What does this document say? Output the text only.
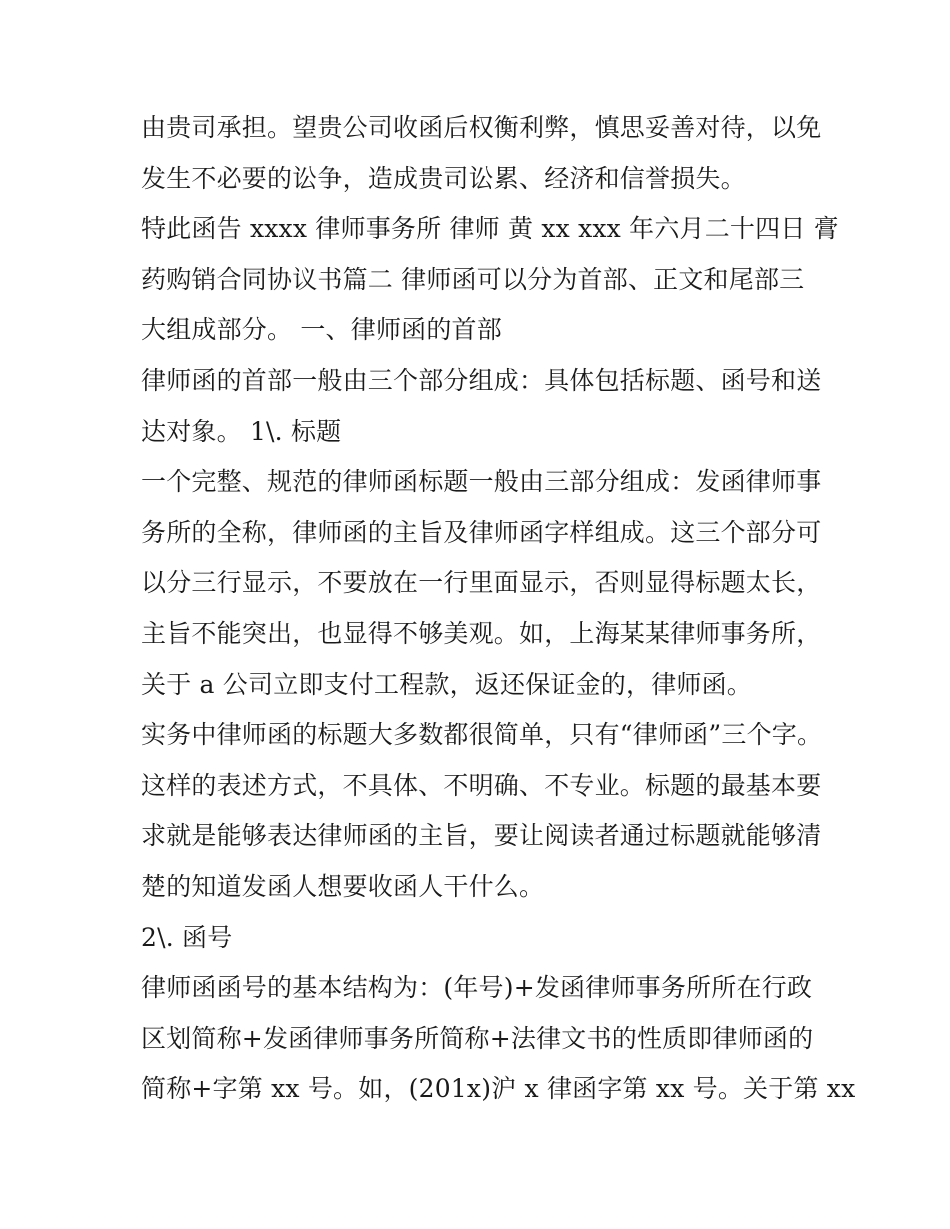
由贵司承担。望贵公司收函后权衡利弊，慎思妥善对待，以免
发生不必要的讼争，造成贵司讼累、经济和信誉损失。
特此函告 xxxx 律师事务所 律师 黄 xx xxx 年六月二十四日 膏
药购销合同协议书篇二 律师函可以分为首部、正文和尾部三
大组成部分。 一、律师函的首部
律师函的首部一般由三个部分组成：具体包括标题、函号和送
达对象。 1\. 标题
一个完整、规范的律师函标题一般由三部分组成：发函律师事
务所的全称，律师函的主旨及律师函字样组成。这三个部分可
以分三行显示，不要放在一行里面显示，否则显得标题太长，
主旨不能突出，也显得不够美观。如，上海某某律师事务所，
关于 a 公司立即支付工程款，返还保证金的，律师函。
实务中律师函的标题大多数都很简单，只有“律师函”三个字。
这样的表述方式，不具体、不明确、不专业。标题的最基本要
求就是能够表达律师函的主旨，要让阅读者通过标题就能够清
楚的知道发函人想要收函人干什么。
2\. 函号
律师函函号的基本结构为：(年号)+发函律师事务所所在行政
区划简称+发函律师事务所简称+法律文书的性质即律师函的
简称+字第 xx 号。如，(201x)沪 x 律函字第 xx 号。关于第 xx
